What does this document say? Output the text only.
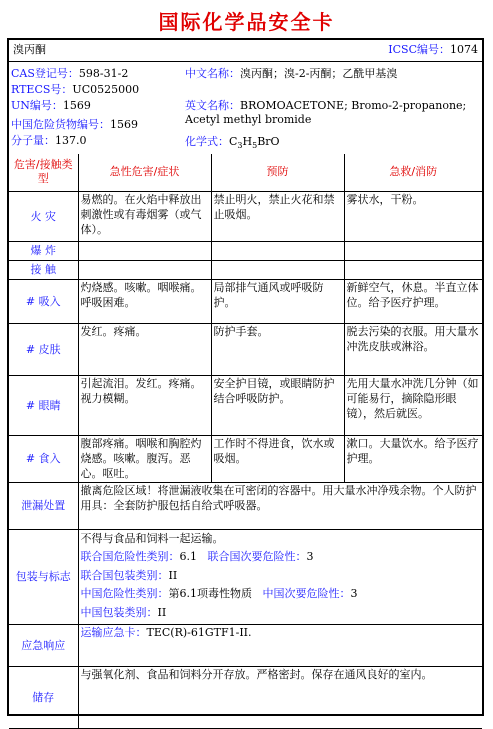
国际化学品安全卡
溴丙酮	ICSC编号：1074
CAS登记号：598-31-2
RTECS号：UC0525000
UN编号：1569
中国危险货物编号：1569
分子量：137.0
中文名称：溴丙酮；溴-2-丙酮；乙酰甲基溴
英文名称：BROMOACETONE; Bromo-2-propanone;
Acetyl methyl bromide
化学式：$C_3H_5BrO$
危害/接触类型	急性危害/症状	预防	急救/消防
火 灾	易燃的。在火焰中释放出刺激性或有毒烟雾（或气体）。	禁止明火，禁止火花和禁止吸烟。	雾状水，干粉。
爆 炸			
接 触			
# 吸入	灼烧感。咳嗽。咽喉痛。呼吸困难。	局部排气通风或呼吸防护。	新鲜空气，休息。半直立体位。给予医疗护理。
# 皮肤	发红。疼痛。	防护手套。	脱去污染的衣服。用大量水冲洗皮肤或淋浴。
# 眼睛	引起流泪。发红。疼痛。视力模糊。	安全护目镜，或眼睛防护结合呼吸防护。	先用大量水冲洗几分钟（如可能易行，摘除隐形眼镜），然后就医。
# 食入	腹部疼痛。咽喉和胸腔灼烧感。咳嗽。腹泻。恶心。呕吐。	工作时不得进食，饮水或吸烟。	漱口。大量饮水。给予医疗护理。
泄漏处置	撤离危险区域！将泄漏液收集在可密闭的容器中。用大量水冲净残余物。个人防护用具：全套防护服包括自给式呼吸器。		
包装与标志	不得与食品和饲料一起运输。
联合国危险性类别：6.1 联合国次要危险性：3
联合国包装类别：II
中国危险性类别：第6.1项毒性物质 中国次要危险性：3
中国包装类别：II		

应急响应	运输应急卡：TEC(R)-61GTF1-II.		
储存	与强氧化剂、食品和饲料分开存放。严格密封。保存在通风良好的室内。		
